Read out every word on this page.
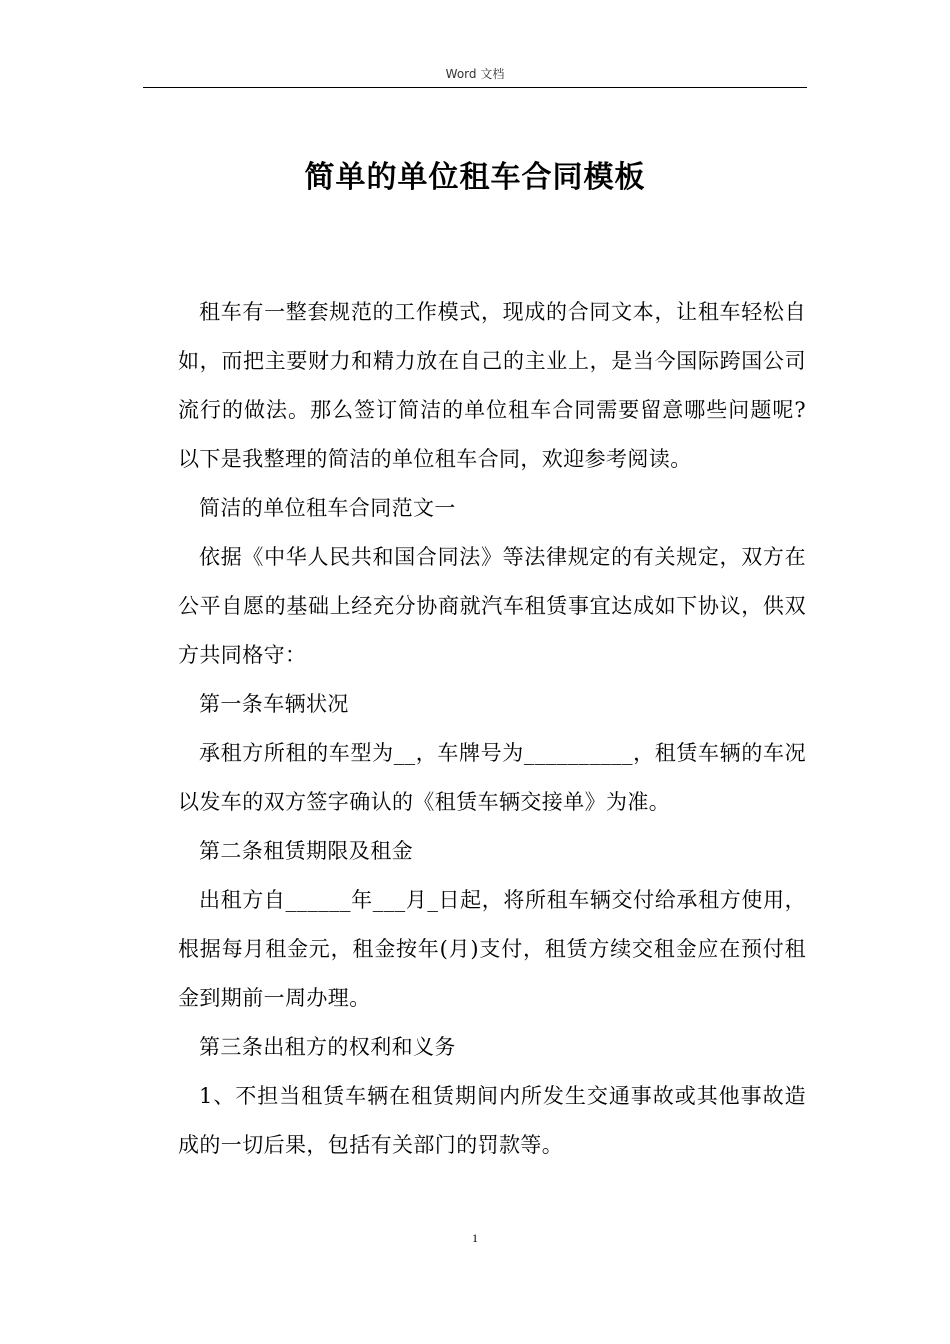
Word 文档
简单的单位租车合同模板

租车有一整套规范的工作模式，现成的合同文本，让租车轻松自如，而把主要财力和精力放在自己的主业上，是当今国际跨国公司流行的做法。那么签订简洁的单位租车合同需要留意哪些问题呢?以下是我整理的简洁的单位租车合同，欢迎参考阅读。

简洁的单位租车合同范文一

依据《中华人民共和国合同法》等法律规定的有关规定，双方在公平自愿的基础上经充分协商就汽车租赁事宜达成如下协议，供双方共同格守：

第一条车辆状况

承租方所租的车型为__，车牌号为__________，租赁车辆的车况以发车的双方签字确认的《租赁车辆交接单》为准。

第二条租赁期限及租金

出租方自______年___月_日起，将所租车辆交付给承租方使用，根据每月租金元，租金按年(月)支付，租赁方续交租金应在预付租金到期前一周办理。

第三条出租方的权利和义务

1、不担当租赁车辆在租赁期间内所发生交通事故或其他事故造成的一切后果，包括有关部门的罚款等。

1
